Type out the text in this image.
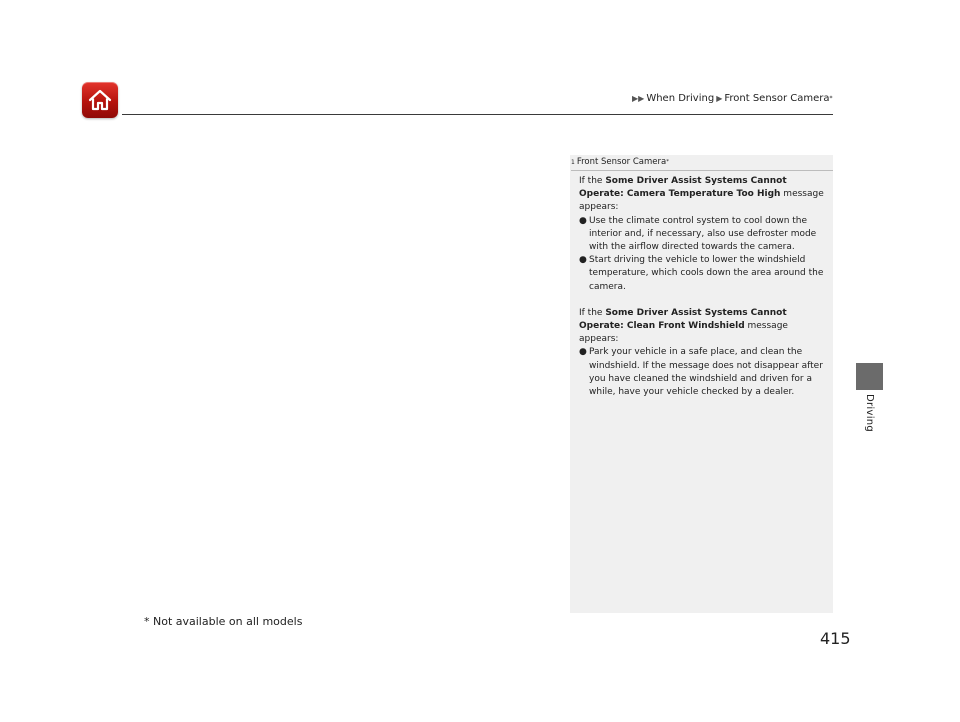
▶▶ When Driving ▶ Front Sensor Camera *
Driving
1 Front Sensor Camera *

If the Some Driver Assist Systems Cannot Operate: Camera Temperature Too High message appears:

● Use the climate control system to cool down the interior and, if necessary, also use defroster mode with the airflow directed towards the camera.
● Start driving the vehicle to lower the windshield temperature, which cools down the area around the camera.

If the Some Driver Assist Systems Cannot Operate: Clean Front Windshield message appears:

● Park your vehicle in a safe place, and clean the windshield. If the message does not disappear after you have cleaned the windshield and driven for a while, have your vehicle checked by a dealer.
* Not available on all models
415
